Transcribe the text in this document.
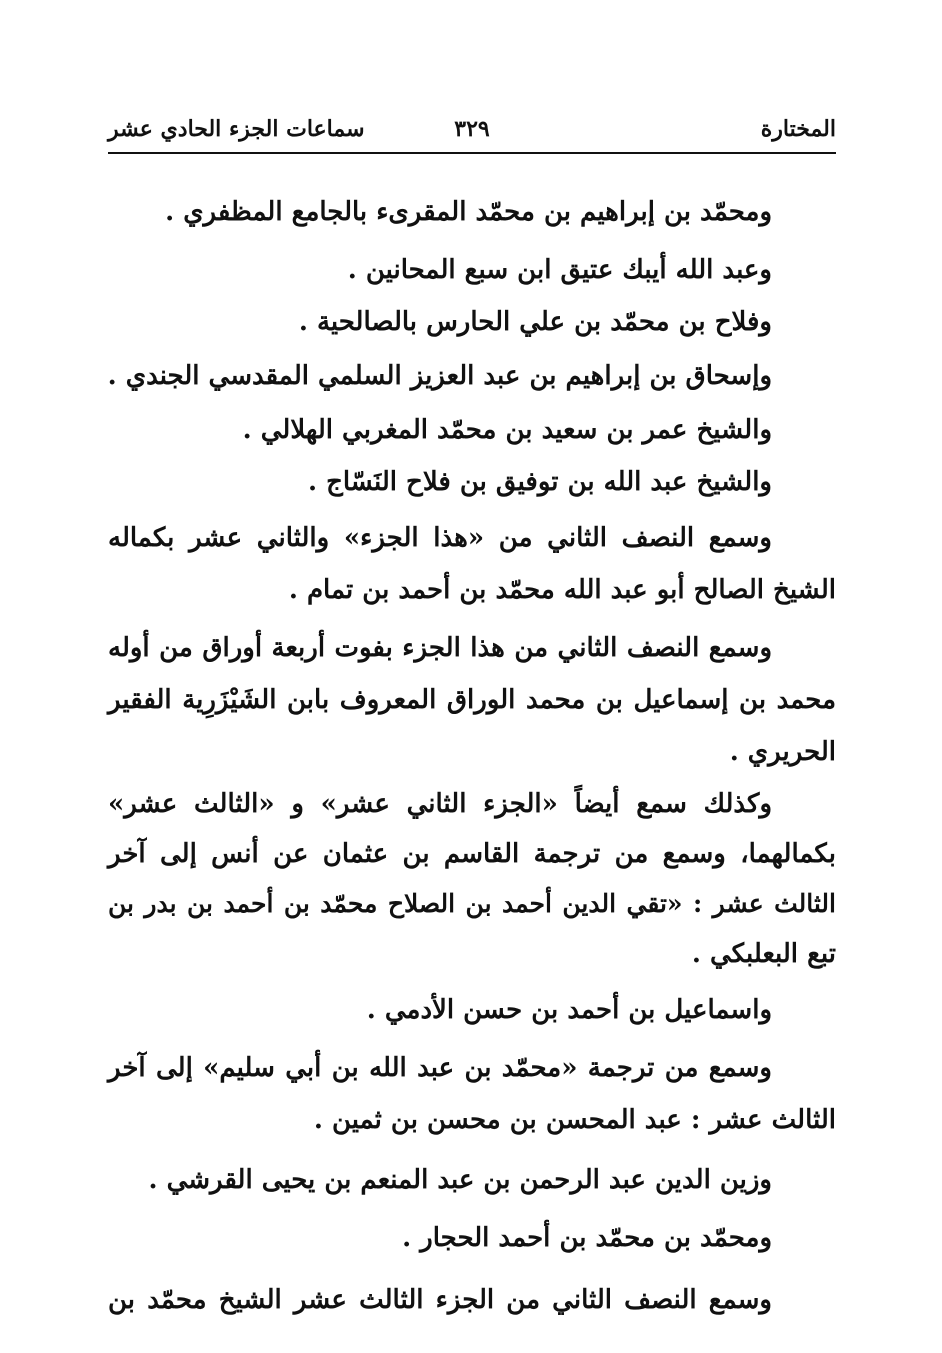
المختارة
٣٢٩
سماعات الجزء الحادي عشر
ومحمّد بن إبراهيم بن محمّد المقرىء بالجامع المظفري .
وعبد الله أيبك عتيق ابن سبع المحانين .
وفلاح بن محمّد بن علي الحارس بالصالحية .
وإسحاق بن إبراهيم بن عبد العزيز السلمي المقدسي الجندي .
والشيخ عمر بن سعيد بن محمّد المغربي الهلالي .
والشيخ عبد الله بن توفيق بن فلاح النَسّاج .
وسمع النصف الثاني من «هذا الجزء» والثاني عشر بكماله
الشيخ الصالح أبو عبد الله محمّد بن أحمد بن تمام .
وسمع النصف الثاني من هذا الجزء بفوت أربعة أوراق من أوله
محمد بن إسماعيل بن محمد الوراق المعروف بابن الشَيْزَرِية الفقير
الحريري .
وكذلك سمع أيضاً «الجزء الثاني عشر» و «الثالث عشر»
بكمالهما، وسمع من ترجمة القاسم بن عثمان عن أنس إلى آخر
الثالث عشر : «تقي الدين أحمد بن الصلاح محمّد بن أحمد بن بدر بن
تبع البعلبكي .
واسماعيل بن أحمد بن حسن الأدمي .
وسمع من ترجمة «محمّد بن عبد الله بن أبي سليم» إلى آخر
الثالث عشر : عبد المحسن بن محسن بن ثمين .
وزين الدين عبد الرحمن بن عبد المنعم بن يحيى القرشي .
ومحمّد بن محمّد بن أحمد الحجار .
وسمع النصف الثاني من الجزء الثالث عشر الشيخ محمّد بن
